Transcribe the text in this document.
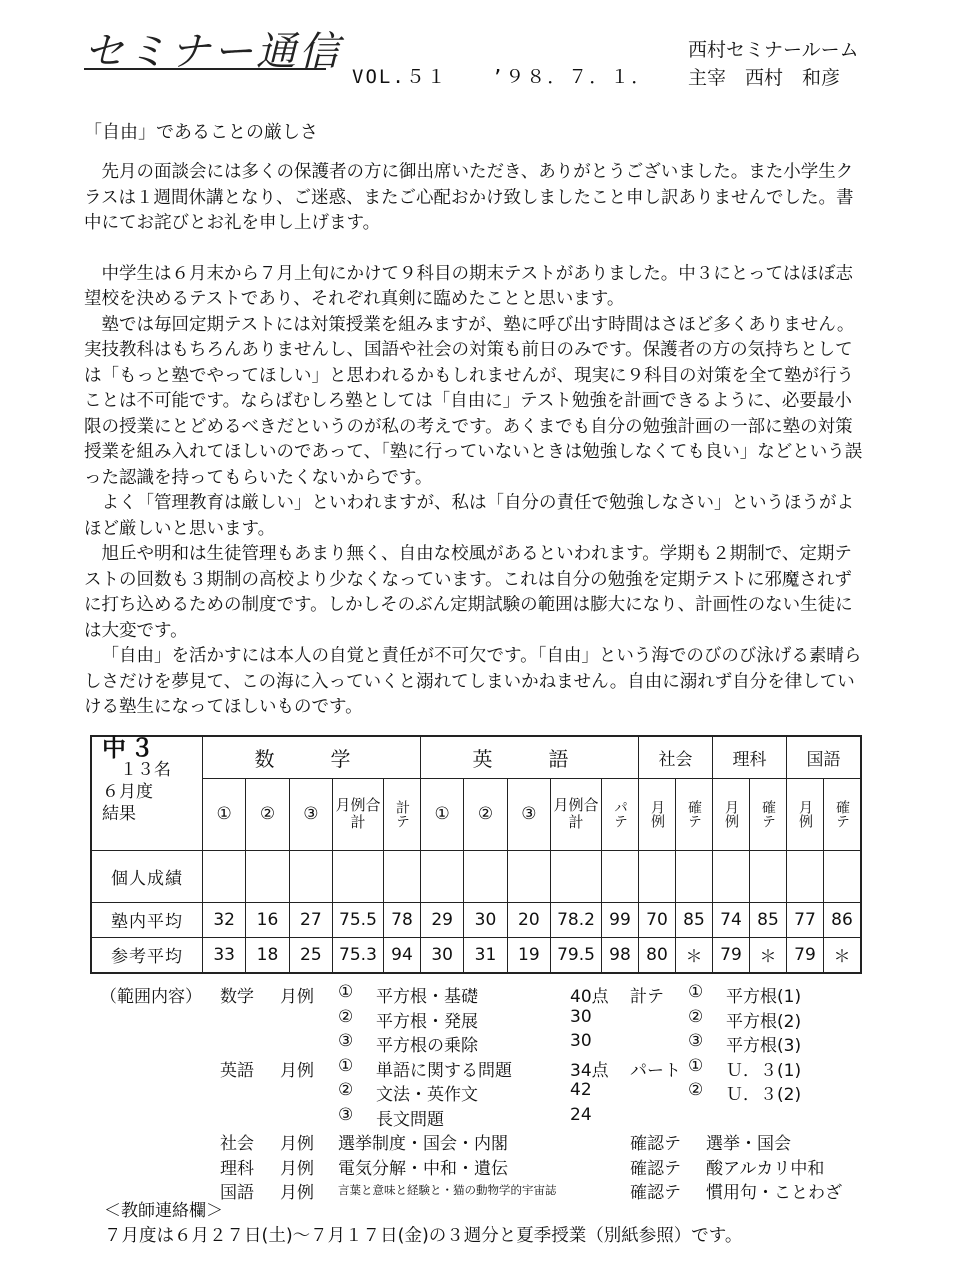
セミナー通信
VOL.５１ ’９８．７．１．
西村セミナールーム
主宰　西村　和彦
「自由」であることの厳しさ

先月の面談会には多くの保護者の方に御出席いただき、ありがとうございました。また小学生クラスは１週間休講となり、ご迷惑、またご心配おかけ致しましたこと申し訳ありませんでした。書中にてお詫びとお礼を申し上げます。

中学生は６月末から７月上旬にかけて９科目の期末テストがありました。中３にとってはほぼ志望校を決めるテストであり、それぞれ真剣に臨めたことと思います。

塾では毎回定期テストには対策授業を組みますが、塾に呼び出す時間はさほど多くありません。実技教科はもちろんありませんし、国語や社会の対策も前日のみです。保護者の方の気持ちとしては「もっと塾でやってほしい」と思われるかもしれませんが、現実に９科目の対策を全て塾が行うことは不可能です。ならばむしろ塾としては「自由に」テスト勉強を計画できるように、必要最小限の授業にとどめるべきだというのが私の考えです。あくまでも自分の勉強計画の一部に塾の対策授業を組み入れてほしいのであって、「塾に行っていないときは勉強しなくても良い」などという誤った認識を持ってもらいたくないからです。

よく「管理教育は厳しい」といわれますが、私は「自分の責任で勉強しなさい」というほうがよほど厳しいと思います。

旭丘や明和は生徒管理もあまり無く、自由な校風があるといわれます。学期も２期制で、定期テストの回数も３期制の高校より少なくなっています。これは自分の勉強を定期テストに邪魔されずに打ち込めるための制度です。しかしそのぶん定期試験の範囲は膨大になり、計画性のない生徒には大変です。

「自由」を活かすには本人の自覚と責任が不可欠です。「自由」という海でのびのび泳げる素晴らしさだけを夢見て、この海に入っていくと溺れてしまいかねません。自由に溺れず自分を律していける塾生になってほしいものです。

中３
１３名
６月度
結果	数　学					英　語					社会		理科		国語	
	①	②	③	月例合計	計テ	①	②	③	月例合計	パテ	月例	確テ	月例	確テ	月例	確テ

個人成績																
塾内平均	32	16	27	75.5	78	29	30	20	78.2	99	70	85	74	85	77	86
参考平均	33	18	25	75.3	94	30	31	19	79.5	98	80	＊	79	＊	79	＊
（範囲内容） 数学 月例 ① 平方根・基礎	40点 計テ ① 平方根(1)
② 平方根・発展	30	② 平方根(2)
③ 平方根の乗除	30	③ 平方根(3)
英語 月例 ① 単語に関する問題	34点 パート ① Ｕ．３(1)
② 文法・英作文	42	② Ｕ．３(2)
③ 長文問題	24
社会 月例 選挙制度・国会・内閣	確認テ 選挙・国会
理科 月例 電気分解・中和・遺伝	確認テ 酸アルカリ中和
国語 月例 言葉と意味と経験と・猫の動物学的宇宙誌	確認テ 慣用句・ことわざ
＜教師連絡欄＞
７月度は６月２７日(土)～７月１７日(金)の３週分と夏季授業（別紙参照）です。
